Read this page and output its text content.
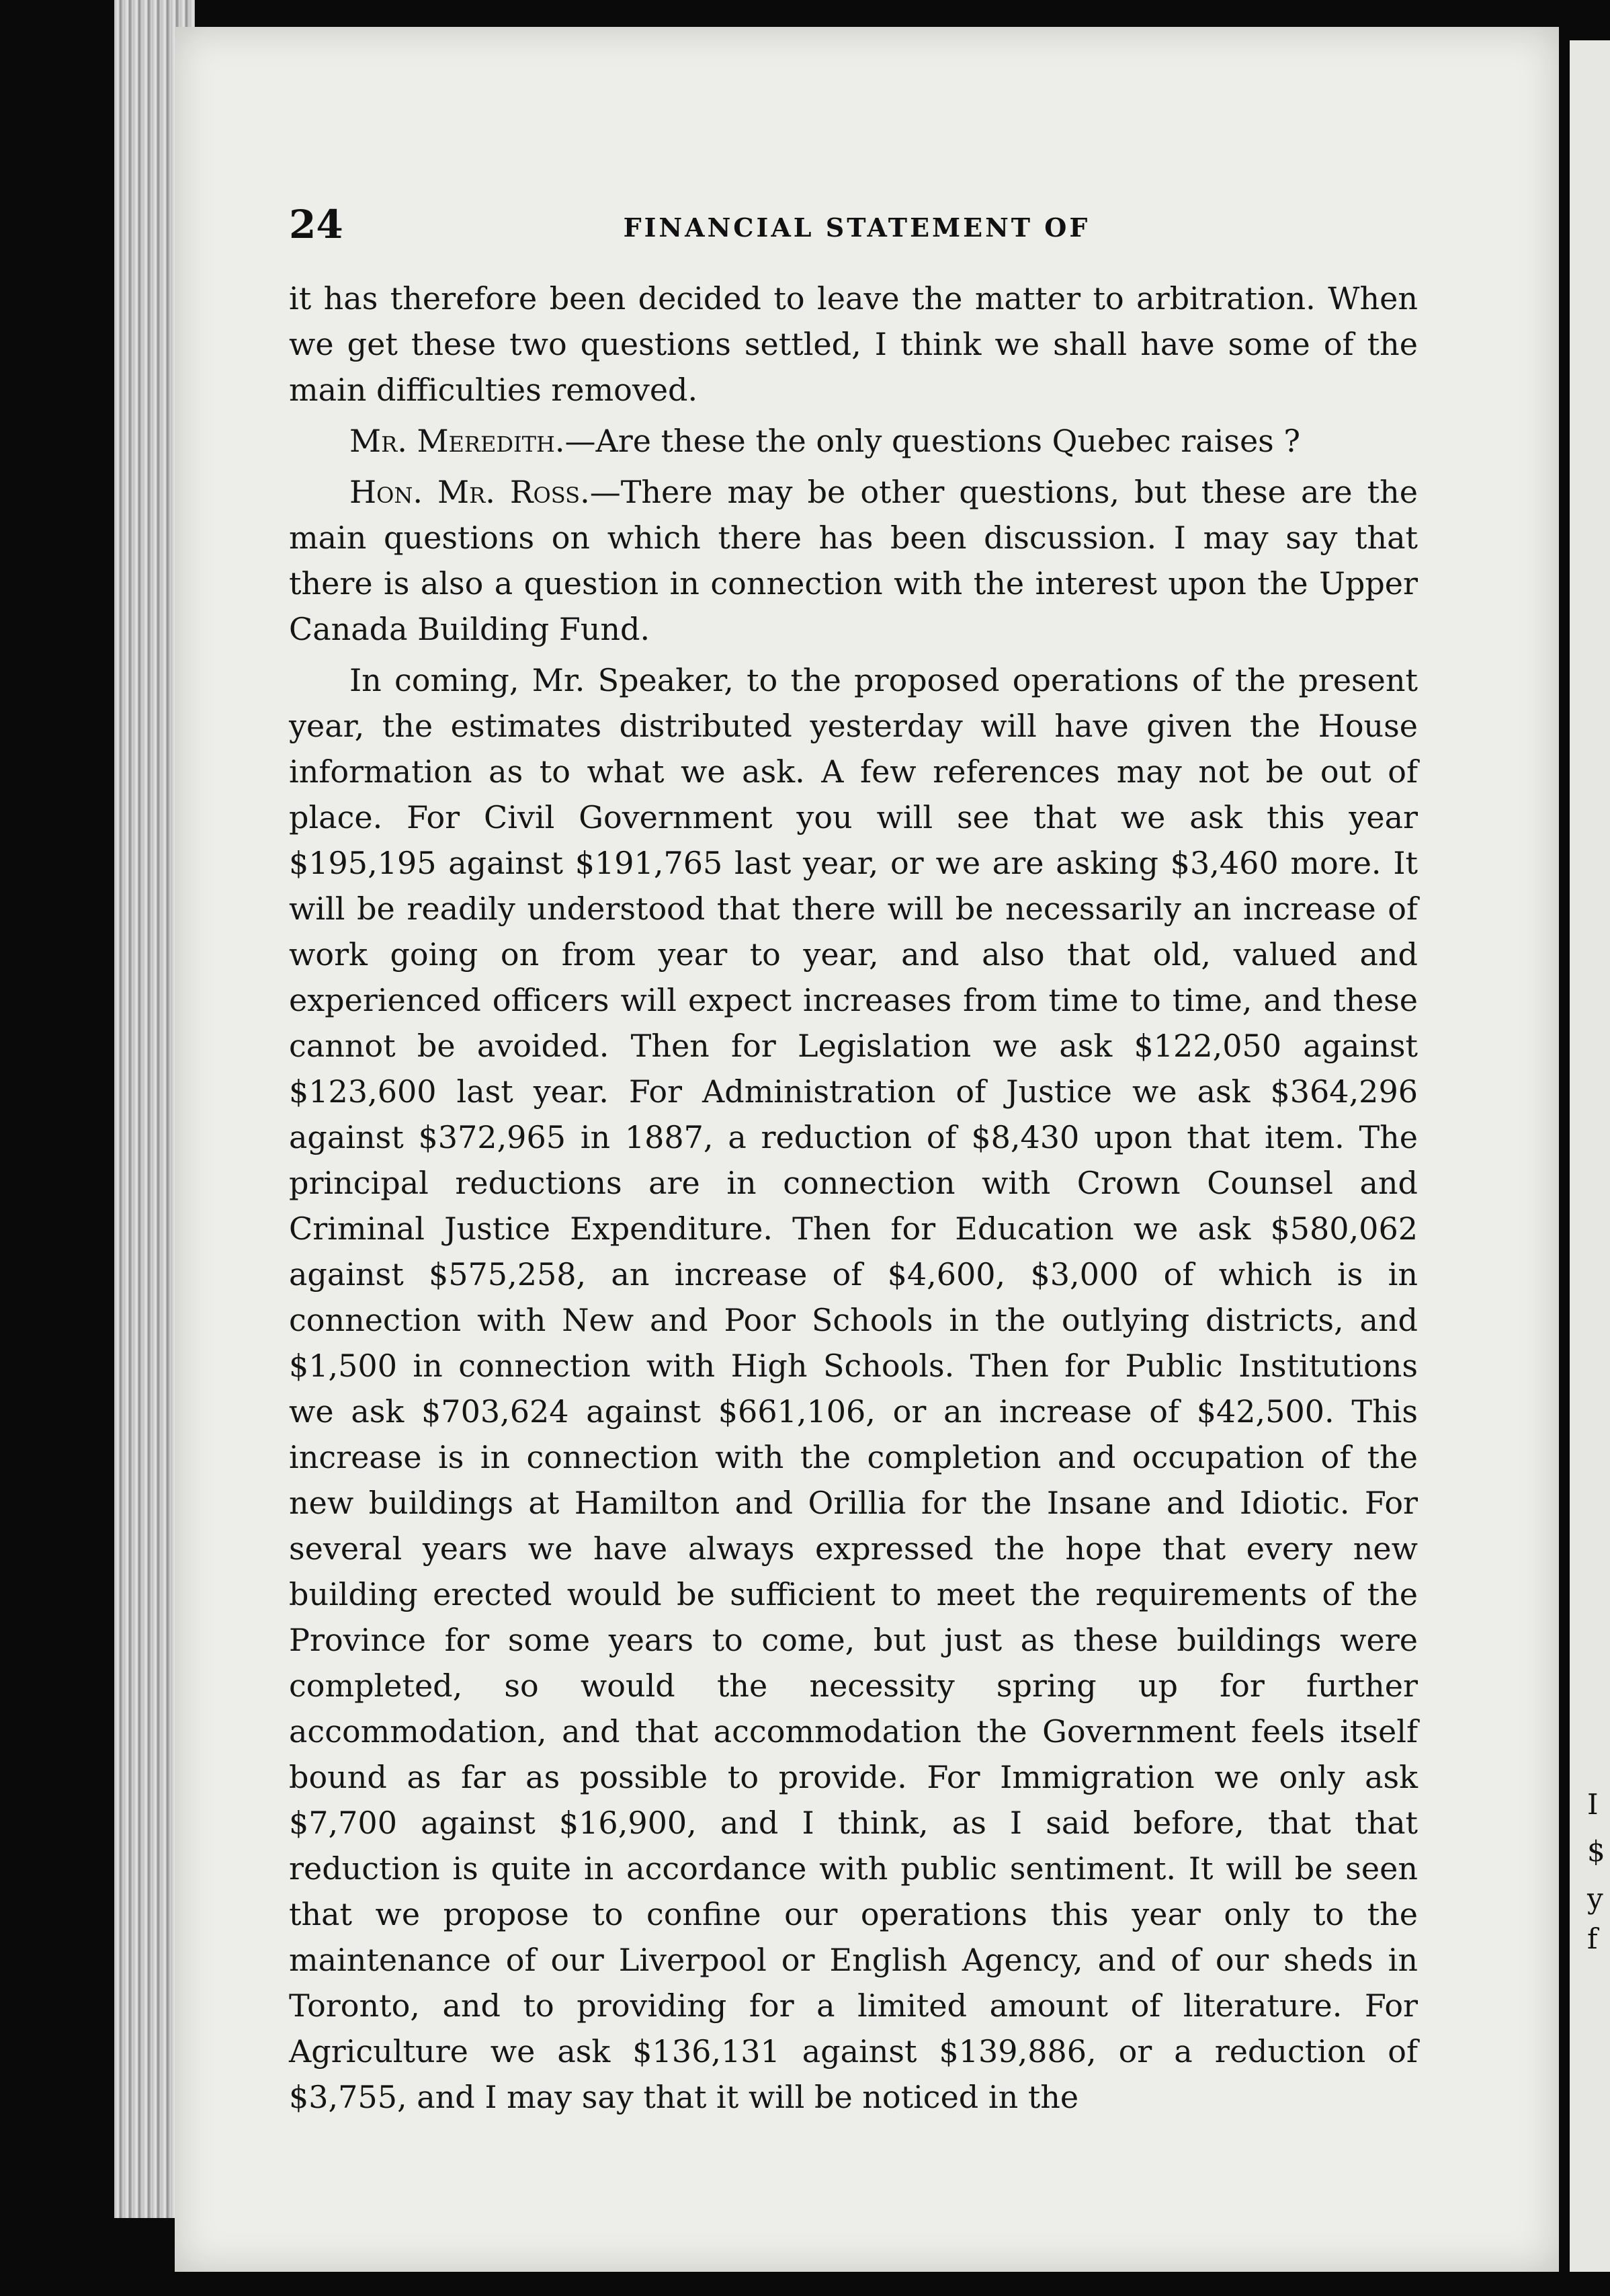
I
$
y
f
24	FINANCIAL STATEMENT OF

it has therefore been decided to leave the matter to arbitration. When we get these two questions settled, I think we shall have some of the main difficulties removed.

Mr. Meredith.—Are these the only questions Quebec raises ?

Hon. Mr. Ross.—There may be other questions, but these are the main questions on which there has been discussion. I may say that there is also a question in connection with the interest upon the Upper Canada Building Fund.

In coming, Mr. Speaker, to the proposed operations of the present year, the estimates distributed yesterday will have given the House information as to what we ask. A few references may not be out of place. For Civil Government you will see that we ask this year $195,195 against $191,765 last year, or we are asking $3,460 more. It will be readily understood that there will be necessarily an increase of work going on from year to year, and also that old, valued and experienced officers will expect increases from time to time, and these cannot be avoided. Then for Legislation we ask $122,050 against $123,600 last year. For Administration of Justice we ask $364,296 against $372,965 in 1887, a reduction of $8,430 upon that item. The principal reductions are in connection with Crown Counsel and Criminal Justice Expenditure. Then for Education we ask $580,062 against $575,258, an increase of $4,600, $3,000 of which is in connection with New and Poor Schools in the outlying districts, and $1,500 in connection with High Schools. Then for Public Institutions we ask $703,624 against $661,106, or an increase of $42,500. This increase is in connection with the completion and occupation of the new buildings at Hamilton and Orillia for the Insane and Idiotic. For several years we have always expressed the hope that every new building erected would be sufficient to meet the requirements of the Province for some years to come, but just as these buildings were completed, so would the necessity spring up for further accommodation, and that accommodation the Government feels itself bound as far as possible to provide. For Immigration we only ask $7,700 against $16,900, and I think, as I said before, that that reduction is quite in accordance with public sentiment. It will be seen that we propose to confine our operations this year only to the maintenance of our Liverpool or English Agency, and of our sheds in Toronto, and to providing for a limited amount of literature. For Agriculture we ask $136,131 against $139,886, or a reduction of $3,755, and I may say that it will be noticed in the
